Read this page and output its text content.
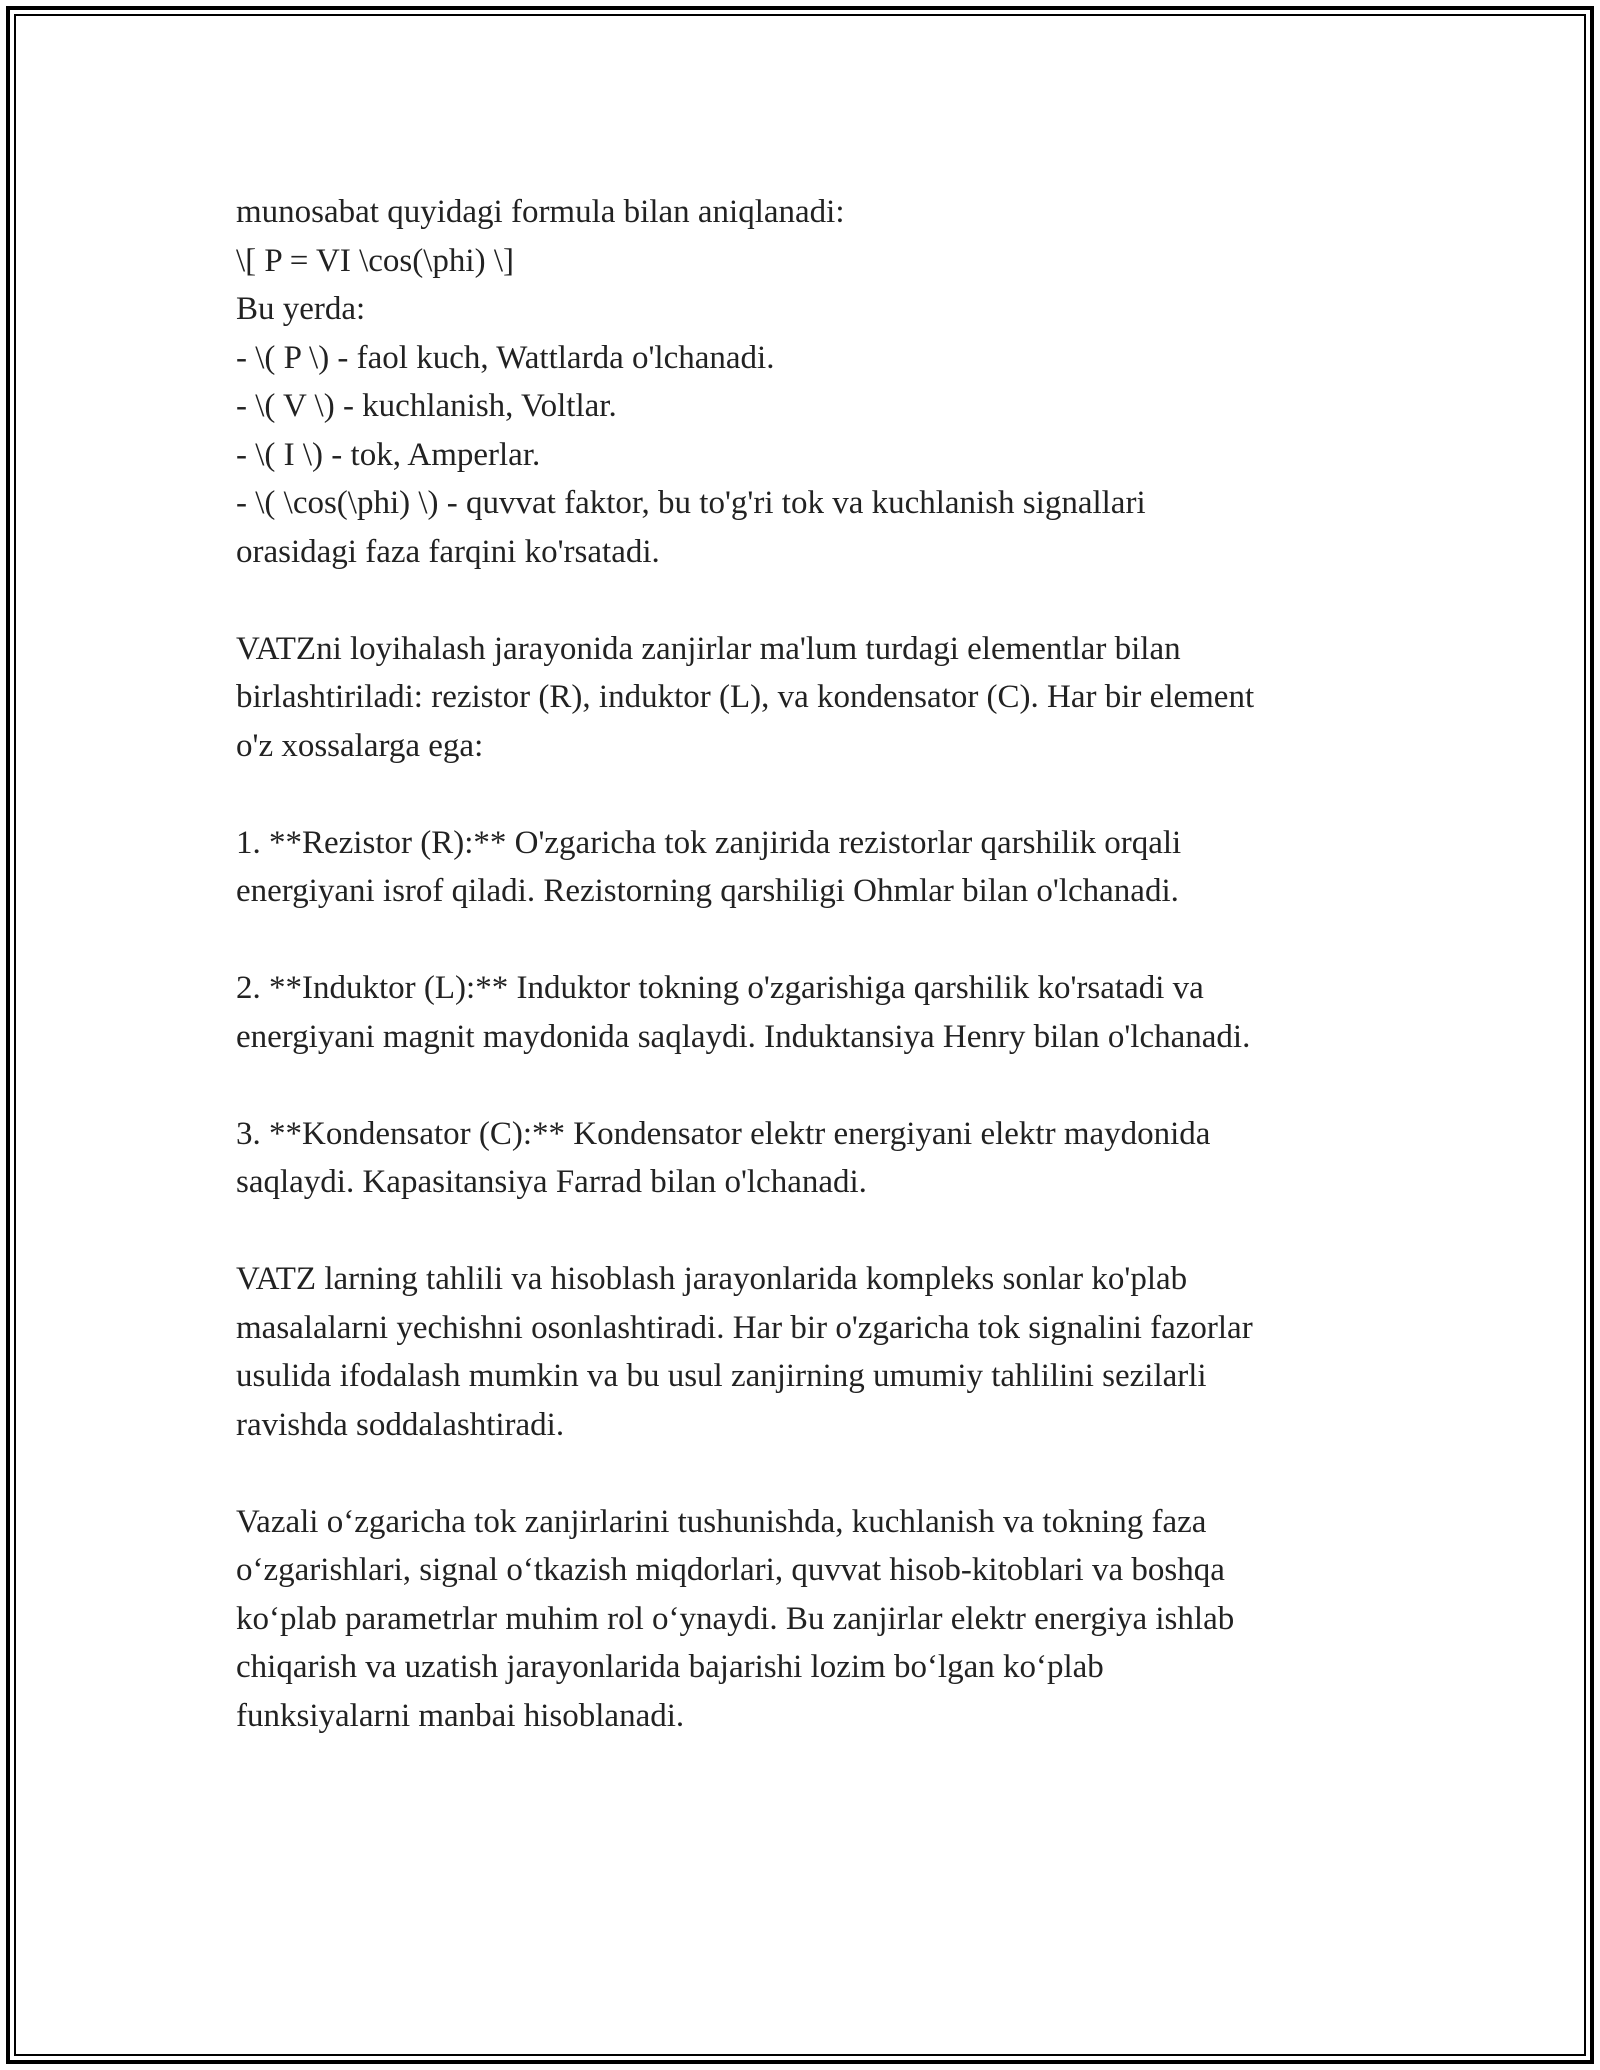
munosabat quyidagi formula bilan aniqlanadi:
\[ P = VI \cos(\phi) \]
Bu yerda:
- \( P \) - faol kuch, Wattlarda o'lchanadi.
- \( V \) - kuchlanish, Voltlar.
- \( I \) - tok, Amperlar.
- \( \cos(\phi) \) - quvvat faktor, bu to'g'ri tok va kuchlanish signallari
orasidagi faza farqini ko'rsatadi.
VATZni loyihalash jarayonida zanjirlar ma'lum turdagi elementlar bilan
birlashtiriladi: rezistor (R), induktor (L), va kondensator (C). Har bir element
o'z xossalarga ega:
1. **Rezistor (R):** O'zgaricha tok zanjirida rezistorlar qarshilik orqali
energiyani isrof qiladi. Rezistorning qarshiligi Ohmlar bilan o'lchanadi.
2. **Induktor (L):** Induktor tokning o'zgarishiga qarshilik ko'rsatadi va
energiyani magnit maydonida saqlaydi. Induktansiya Henry bilan o'lchanadi.
3. **Kondensator (C):** Kondensator elektr energiyani elektr maydonida
saqlaydi. Kapasitansiya Farrad bilan o'lchanadi.
VATZ larning tahlili va hisoblash jarayonlarida kompleks sonlar ko'plab
masalalarni yechishni osonlashtiradi. Har bir o'zgaricha tok signalini fazorlar
usulida ifodalash mumkin va bu usul zanjirning umumiy tahlilini sezilarli
ravishda soddalashtiradi.
Vazali o‘zgaricha tok zanjirlarini tushunishda, kuchlanish va tokning faza
o‘zgarishlari, signal o‘tkazish miqdorlari, quvvat hisob-kitoblari va boshqa
ko‘plab parametrlar muhim rol o‘ynaydi. Bu zanjirlar elektr energiya ishlab
chiqarish va uzatish jarayonlarida bajarishi lozim bo‘lgan ko‘plab
funksiyalarni manbai hisoblanadi.
